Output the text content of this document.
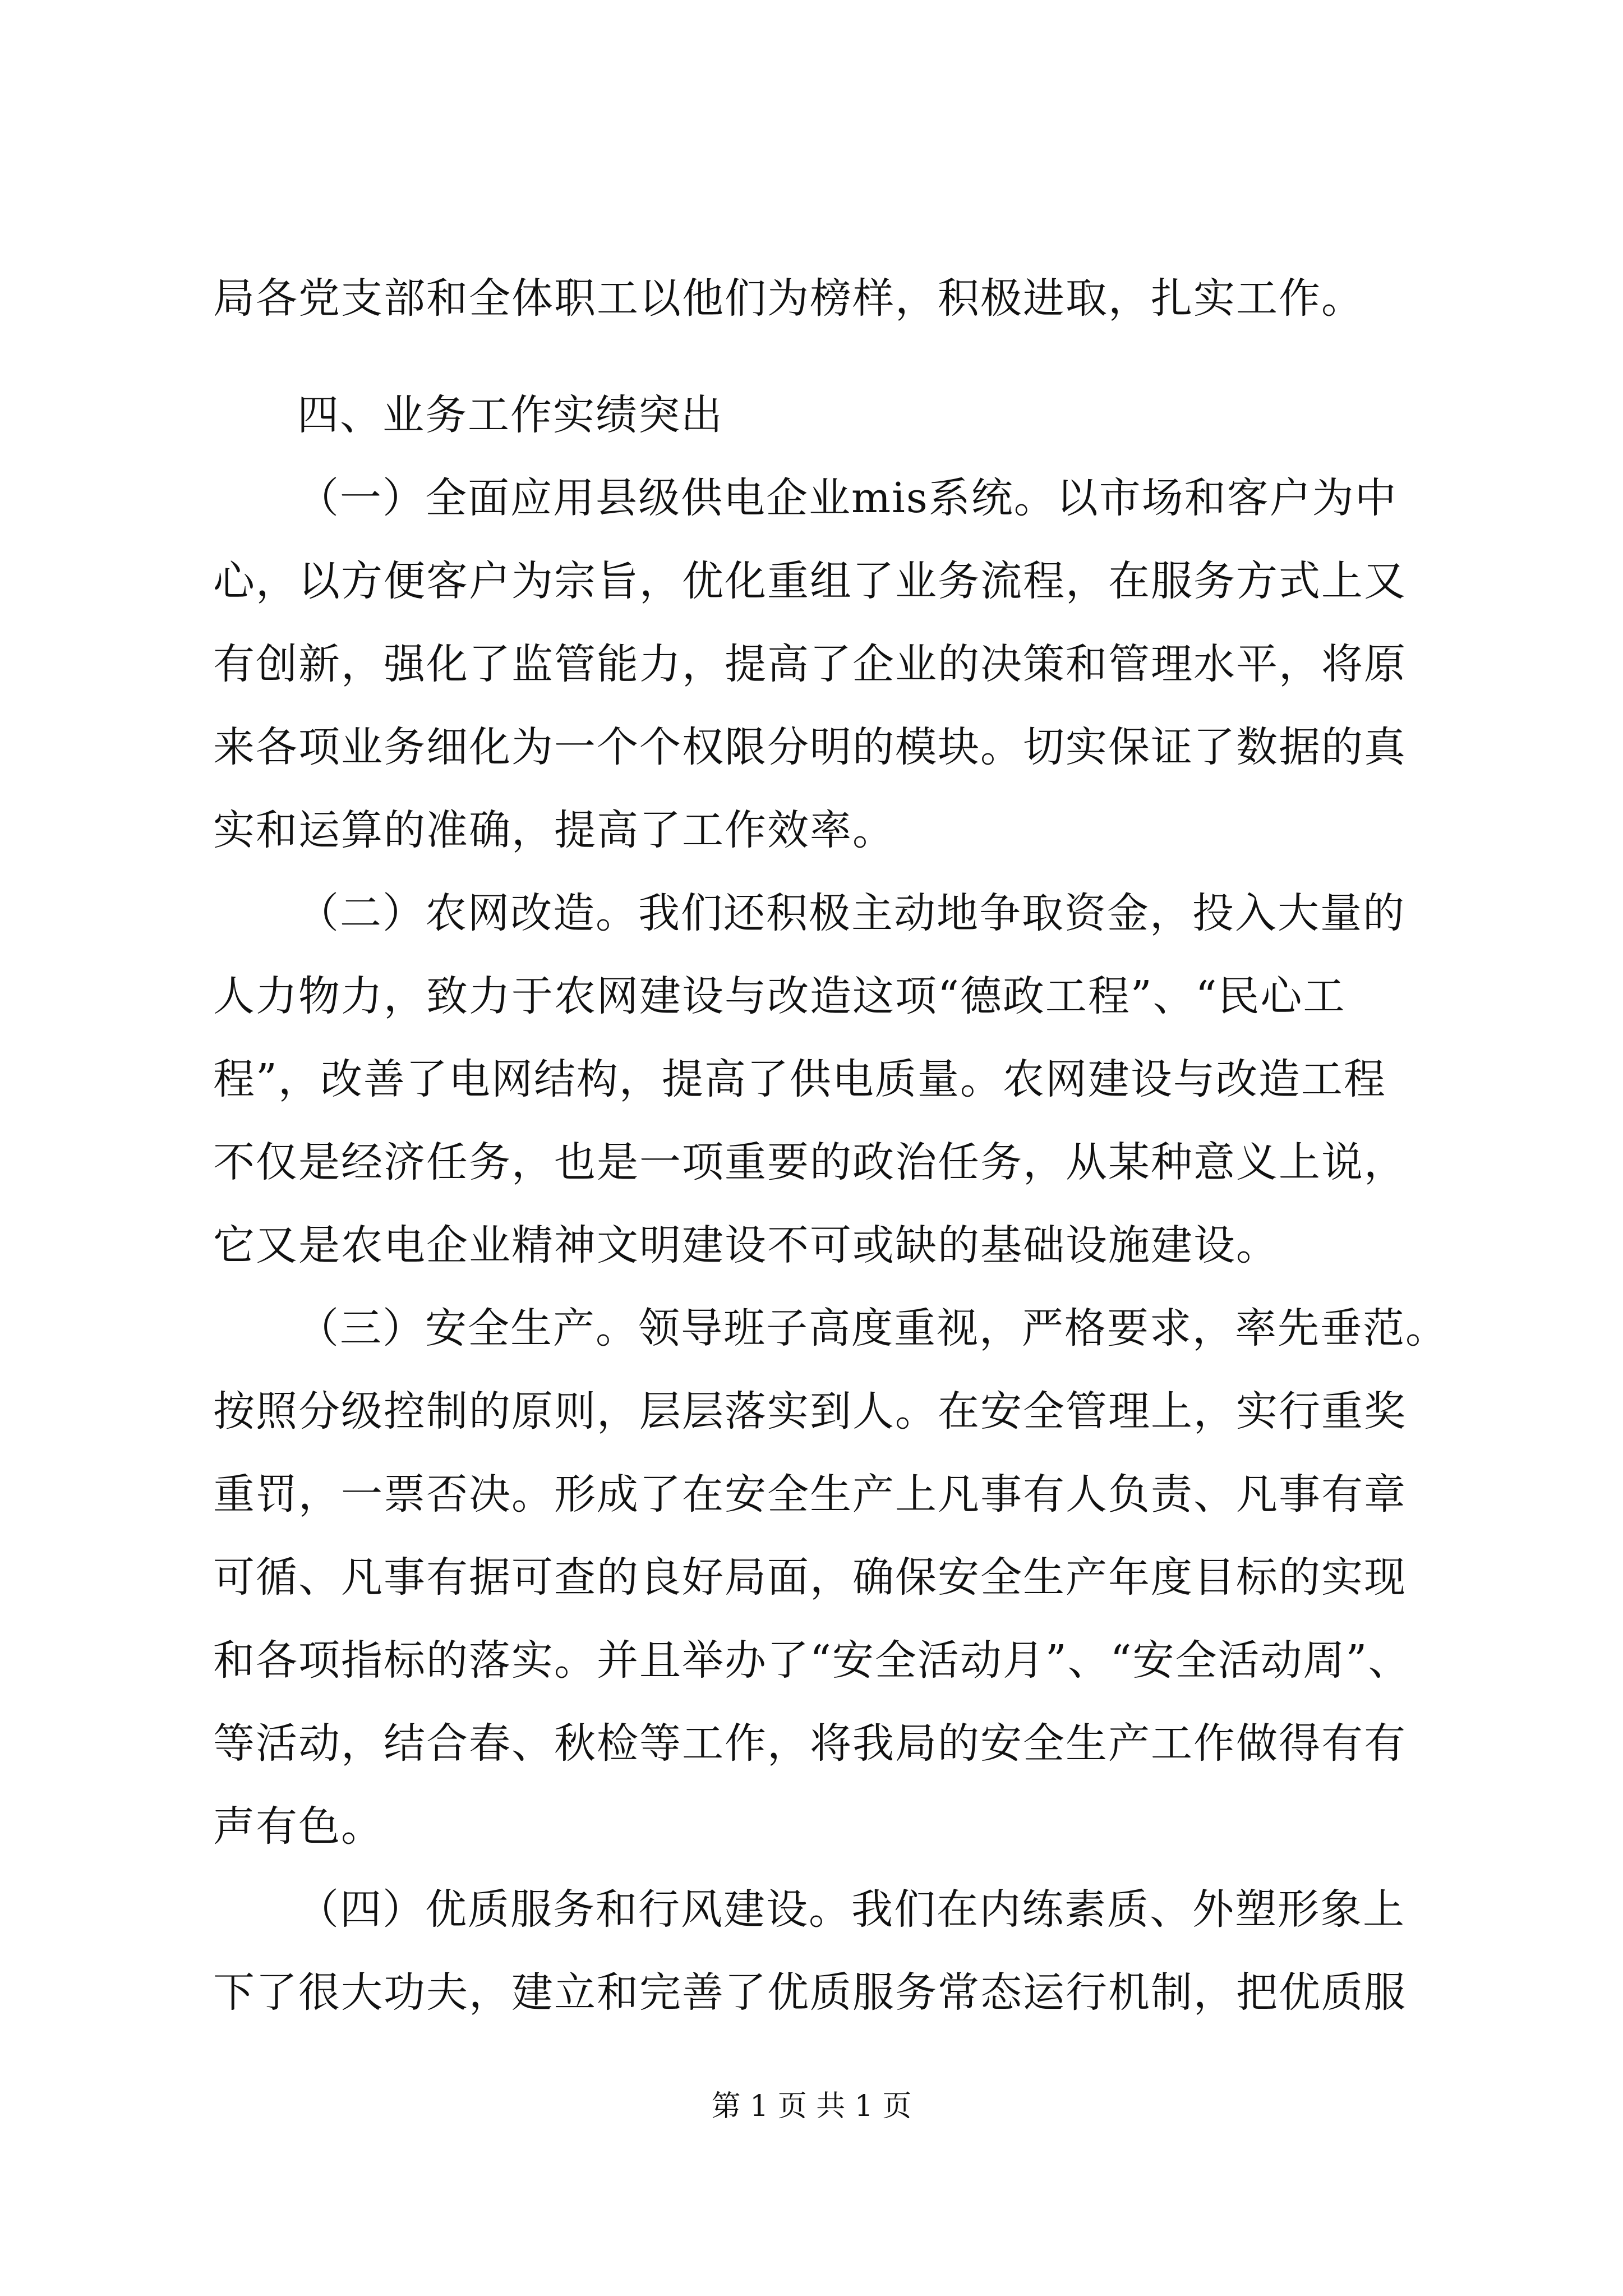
局各党支部和全体职工以他们为榜样，积极进取，扎实工作。
四、业务工作实绩突出
（一）全面应用县级供电企业mis系统。以市场和客户为中
心，以方便客户为宗旨，优化重组了业务流程，在服务方式上又
有创新，强化了监管能力，提高了企业的决策和管理水平，将原
来各项业务细化为一个个权限分明的模块。切实保证了数据的真
实和运算的准确，提高了工作效率。
（二）农网改造。我们还积极主动地争取资金，投入大量的
人力物力，致力于农网建设与改造这项“德政工程”、“民心工
程”，改善了电网结构，提高了供电质量。农网建设与改造工程
不仅是经济任务，也是一项重要的政治任务，从某种意义上说，
它又是农电企业精神文明建设不可或缺的基础设施建设。
（三）安全生产。领导班子高度重视，严格要求，率先垂范。
按照分级控制的原则，层层落实到人。在安全管理上，实行重奖
重罚，一票否决。形成了在安全生产上凡事有人负责、凡事有章
可循、凡事有据可查的良好局面，确保安全生产年度目标的实现
和各项指标的落实。并且举办了“安全活动月”、“安全活动周”、
等活动，结合春、秋检等工作，将我局的安全生产工作做得有有
声有色。
（四）优质服务和行风建设。我们在内练素质、外塑形象上
下了很大功夫，建立和完善了优质服务常态运行机制，把优质服
第 1 页 共 1 页
